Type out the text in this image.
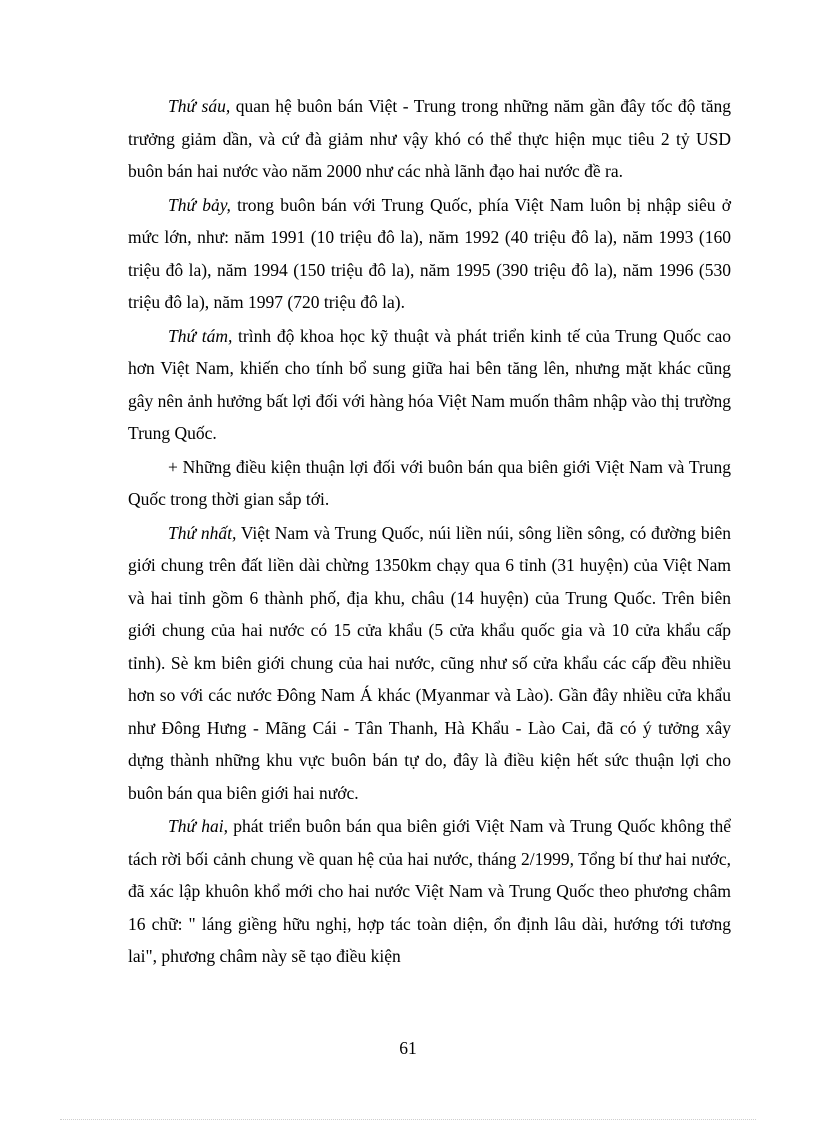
Thứ sáu, quan hệ buôn bán Việt - Trung trong những năm gần đây tốc độ tăng trưởng giảm dần, và cứ đà giảm như vậy khó có thể thực hiện mục tiêu 2 tỷ USD buôn bán hai nước vào năm 2000 như các nhà lãnh đạo hai nước đề ra.

Thứ bảy, trong buôn bán với Trung Quốc, phía Việt Nam luôn bị nhập siêu ở mức lớn, như: năm 1991 (10 triệu đô la), năm 1992 (40 triệu đô la), năm 1993 (160 triệu đô la), năm 1994 (150 triệu đô la), năm 1995 (390 triệu đô la), năm 1996 (530 triệu đô la), năm 1997 (720 triệu đô la).

Thứ tám, trình độ khoa học kỹ thuật và phát triển kinh tế của Trung Quốc cao hơn Việt Nam, khiến cho tính bổ sung giữa hai bên tăng lên, nhưng mặt khác cũng gây nên ảnh hưởng bất lợi đối với hàng hóa Việt Nam muốn thâm nhập vào thị trường Trung Quốc.

+ Những điều kiện thuận lợi đối với buôn bán qua biên giới Việt Nam và Trung Quốc trong thời gian sắp tới.

Thứ nhất, Việt Nam và Trung Quốc, núi liền núi, sông liền sông, có đường biên giới chung trên đất liền dài chừng 1350km chạy qua 6 tỉnh (31 huyện) của Việt Nam và hai tỉnh gồm 6 thành phố, địa khu, châu (14 huyện) của Trung Quốc. Trên biên giới chung của hai nước có 15 cửa khẩu (5 cửa khẩu quốc gia và 10 cửa khẩu cấp tỉnh). Sè km biên giới chung của hai nước, cũng như số cửa khẩu các cấp đều nhiều hơn so với các nước Đông Nam Á khác (Myanmar và Lào). Gần đây nhiều cửa khẩu như Đông Hưng - Mãng Cái - Tân Thanh, Hà Khẩu - Lào Cai, đã có ý tưởng xây dựng thành những khu vực buôn bán tự do, đây là điều kiện hết sức thuận lợi cho buôn bán qua biên giới hai nước.

Thứ hai, phát triển buôn bán qua biên giới Việt Nam và Trung Quốc không thể tách rời bối cảnh chung về quan hệ của hai nước, tháng 2/1999, Tổng bí thư hai nước, đã xác lập khuôn khổ mới cho hai nước Việt Nam và Trung Quốc theo phương châm 16 chữ: " láng giềng hữu nghị, hợp tác toàn diện, ổn định lâu dài, hướng tới tương lai", phương châm này sẽ tạo điều kiện

61
